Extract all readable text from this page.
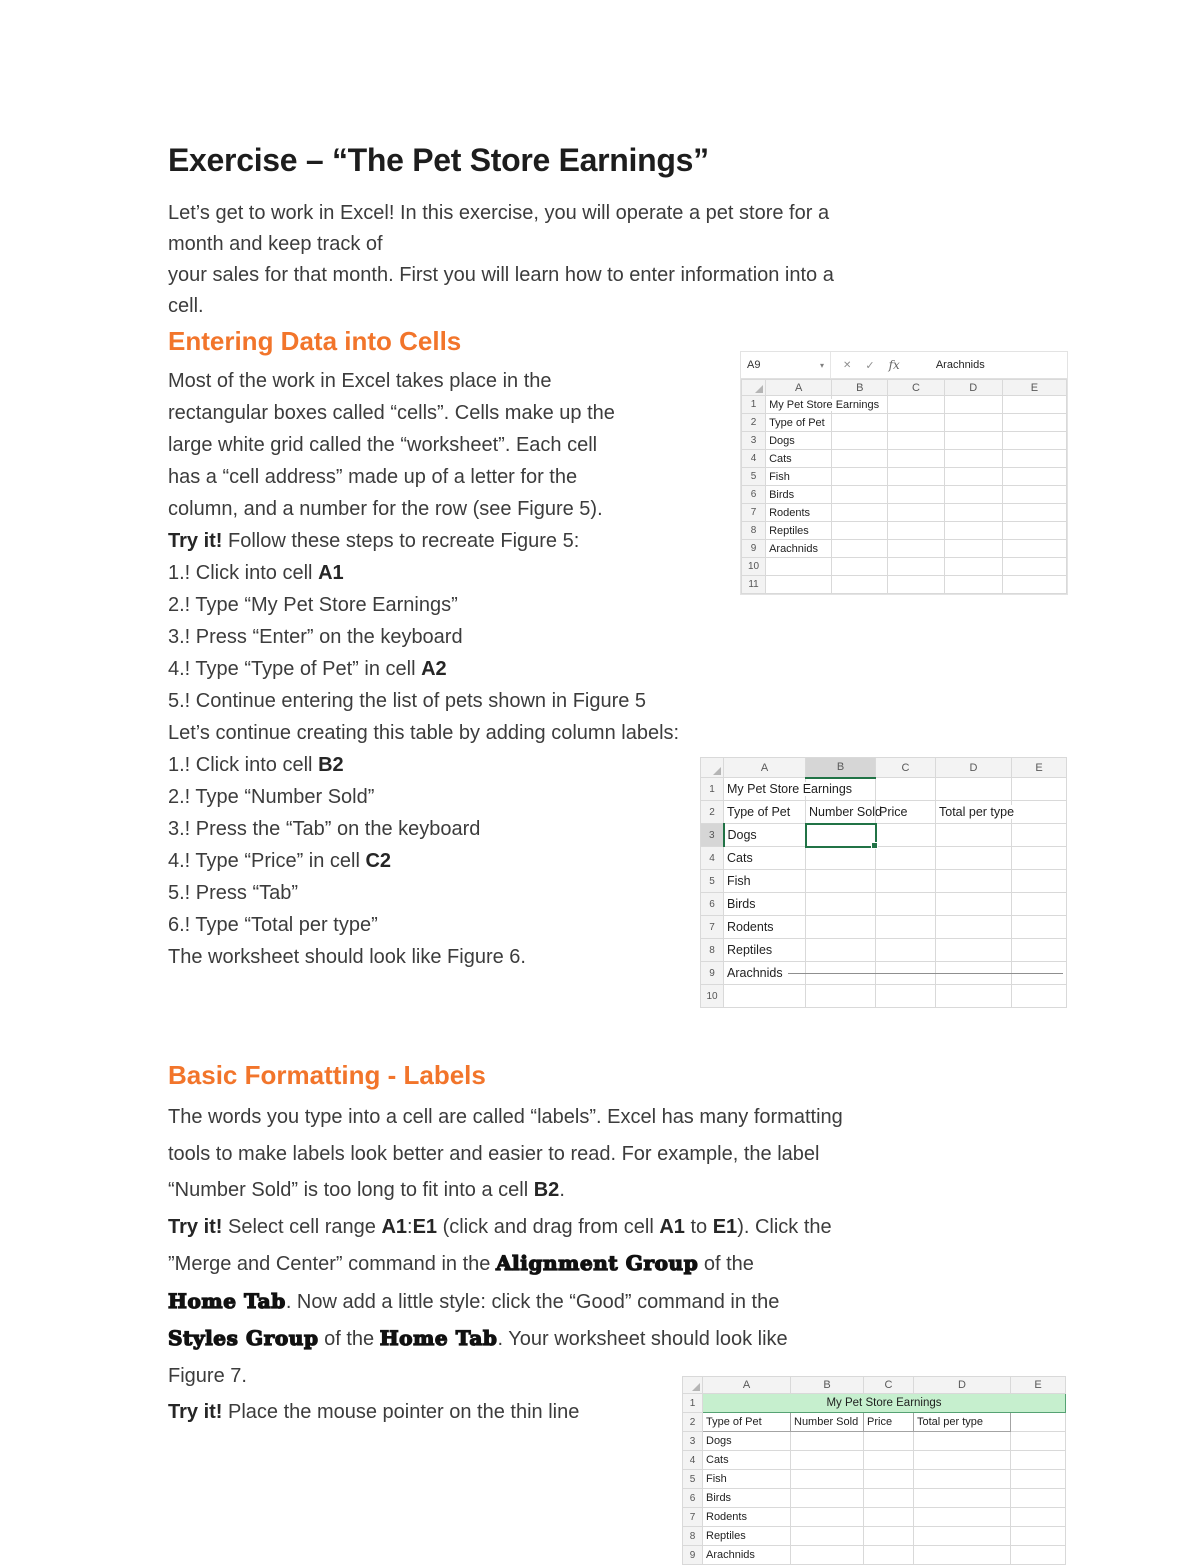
Exercise – “The Pet Store Earnings”
Let’s get to work in Excel! In this exercise, you will operate a pet store for a
month and keep track of
your sales for that month. First you will learn how to enter information into a
cell.
Entering Data into Cells
Most of the work in Excel takes place in the
rectangular boxes called “cells”. Cells make up the
large white grid called the “worksheet”. Each cell
has a “cell address” made up of a letter for the
column, and a number for the row (see Figure 5).
Try it! Follow these steps to recreate Figure 5:
1.! Click into cell A1
2.! Type “My Pet Store Earnings”
3.! Press “Enter” on the keyboard
4.! Type “Type of Pet” in cell A2
5.! Continue entering the list of pets shown in Figure 5
Let’s continue creating this table by adding column labels:
1.! Click into cell B2
2.! Type “Number Sold”
3.! Press the “Tab” on the keyboard
4.! Type “Price” in cell C2
5.! Press “Tab”
6.! Type “Total per type”
The worksheet should look like Figure 6.
A9	▾ ✕ ✓ fx	Arachnids
	A	B	C	D	E
1	My Pet Store Earnings				

2	Type of Pet				

3	Dogs				

4	Cats				

5	Fish				

6	Birds				

7	Rodents				

8	Reptiles				

9	Arachnids				

10					
11					
	A	B	C	D	E
1	My Pet Store Earnings				

2	Type of Pet	Number Sold	Price	Total per type	

3	Dogs				
4	Cats				
5	Fish				
6	Birds				
7	Rodents				
8	Reptiles				
9	Arachnids				
10					
Basic Formatting - Labels
The words you type into a cell are called “labels”. Excel has many formatting
tools to make labels look better and easier to read. For example, the label
“Number Sold” is too long to fit into a cell B2.
Try it! Select cell range A1:E1 (click and drag from cell A1 to E1). Click the
”Merge and Center” command in the Alignment Group of the
Home Tab. Now add a little style: click the “Good” command in the
Styles Group of the Home Tab. Your worksheet should look like
Figure 7.
Try it! Place the mouse pointer on the thin line
	A	B	C	D	E
1	My Pet Store Earnings				
2	Type of Pet	Number Sold	Price	Total per type	
3	Dogs				
4	Cats				
5	Fish				
6	Birds				
7	Rodents				
8	Reptiles				
9	Arachnids				
